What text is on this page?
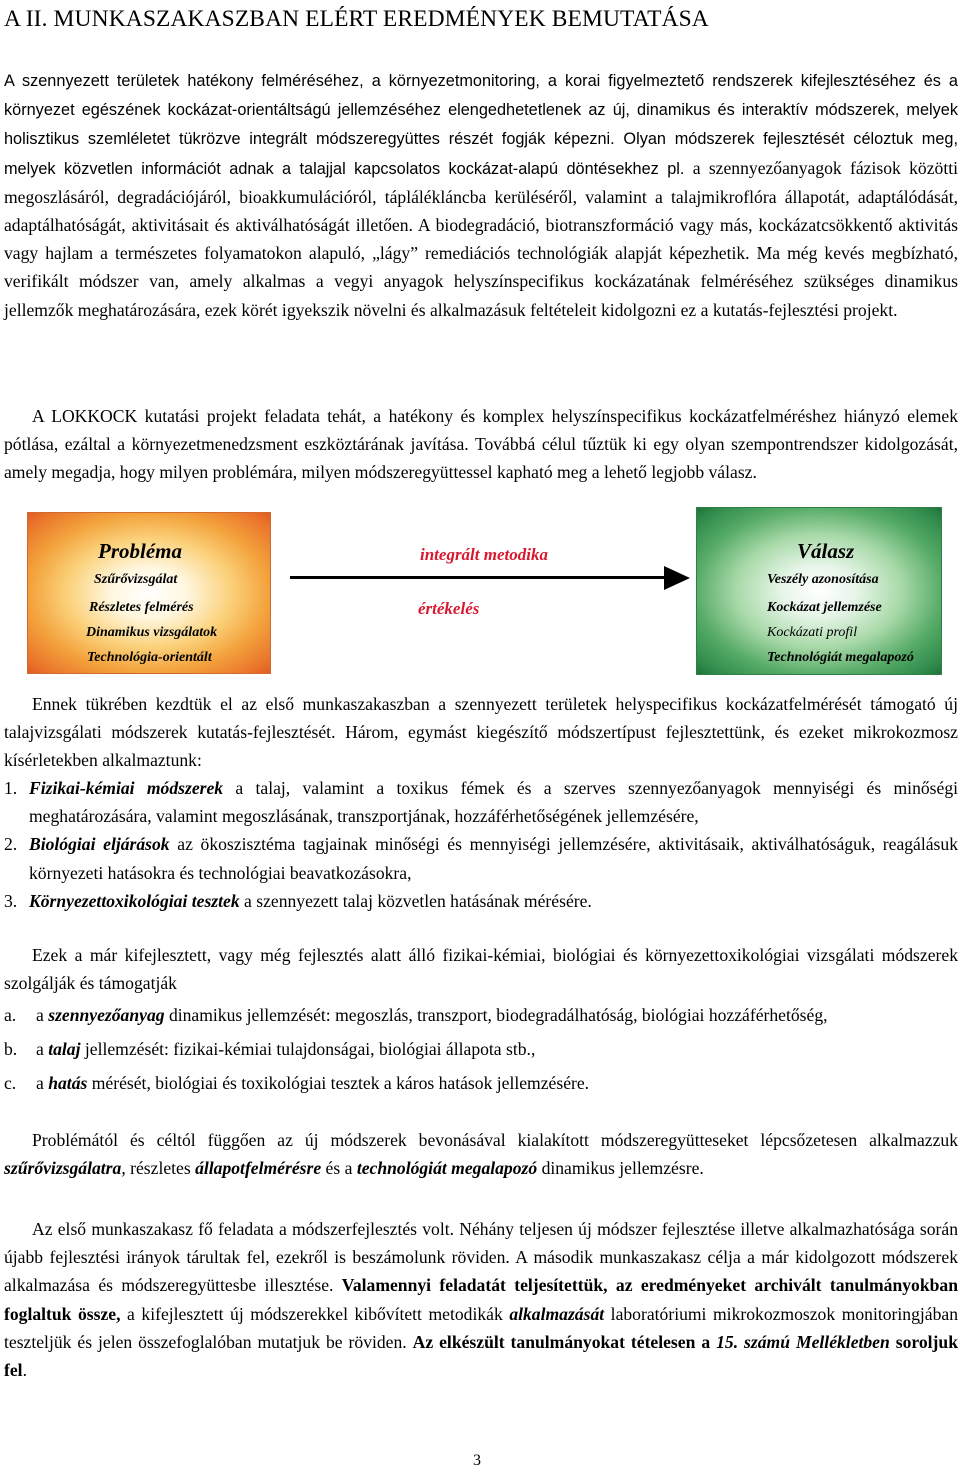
A II. MUNKASZAKASZBAN ELÉRT EREDMÉNYEK BEMUTATÁSA

A szennyezett területek hatékony felméréséhez, a környezetmonitoring, a korai figyelmeztető rendszerek kifejlesztéséhez és a környezet egészének kockázat-orientáltságú jellemzéséhez elengedhetetlenek az új, dinamikus és interaktív módszerek, melyek holisztikus szemléletet tükrözve integrált módszeregyüttes részét fogják képezni. Olyan módszerek fejlesztését céloztuk meg, melyek közvetlen információt adnak a talajjal kapcsolatos kockázat-alapú döntésekhez pl. a szennyezőanyagok fázisok közötti megoszlásáról, degradációjáról, bioakkumulációról, táplálékláncba kerüléséről, valamint a talajmikroflóra állapotát, adaptálódását, adaptálhatóságát, aktivitásait és aktiválhatóságát illetően. A biodegradáció, biotranszformáció vagy más, kockázatcsökkentő aktivitás vagy hajlam a természetes folyamatokon alapuló, „lágy” remediációs technológiák alapját képezhetik. Ma még kevés megbízható, verifikált módszer van, amely alkalmas a vegyi anyagok helyszínspecifikus kockázatának felméréséhez szükséges dinamikus jellemzők meghatározására, ezek körét igyekszik növelni és alkalmazásuk feltételeit kidolgozni ez a kutatás-fejlesztési projekt.

A LOKKOCK kutatási projekt feladata tehát, a hatékony és komplex helyszínspecifikus kockázatfelméréshez hiányzó elemek pótlása, ezáltal a környezetmenedzsment eszköztárának javítása. Továbbá célul tűztük ki egy olyan szempontrendszer kidolgozását, amely megadja, hogy milyen problémára, milyen módszeregyüttessel kapható meg a lehető legjobb válasz.

Probléma
Szűrővizsgálat
Részletes felmérés
Dinamikus vizsgálatok
Technológia-orientált
integrált metodika
értékelés
Válasz
Veszély azonosítása
Kockázat jellemzése
Kockázati profil
Technológiát megalapozó

Ennek tükrében kezdtük el az első munkaszakaszban a szennyezett területek helyspecifikus kockázatfelmérését támogató új talajvizsgálati módszerek kutatás-fejlesztését. Három, egymást kiegészítő módszertípust fejlesztettünk, és ezeket mikrokozmosz kísérletekben alkalmaztunk:

1. Fizikai-kémiai módszerek a talaj, valamint a toxikus fémek és a szerves szennyezőanyagok mennyiségi és minőségi meghatározására, valamint megoszlásának, transzportjának, hozzáférhetőségének jellemzésére,
2. Biológiai eljárások az ökoszisztéma tagjainak minőségi és mennyiségi jellemzésére, aktivitásaik, aktiválhatóságuk, reagálásuk környezeti hatásokra és technológiai beavatkozásokra,
3. Környezettoxikológiai tesztek a szennyezett talaj közvetlen hatásának mérésére.

Ezek a már kifejlesztett, vagy még fejlesztés alatt álló fizikai-kémiai, biológiai és környezettoxikológiai vizsgálati módszerek szolgálják és támogatják

a. a szennyezőanyag dinamikus jellemzését: megoszlás, transzport, biodegradálhatóság, biológiai hozzáférhetőség,
b. a talaj jellemzését: fizikai-kémiai tulajdonságai, biológiai állapota stb.,
c. a hatás mérését, biológiai és toxikológiai tesztek a káros hatások jellemzésére.

Problémától és céltól függően az új módszerek bevonásával kialakított módszeregyütteseket lépcsőzetesen alkalmazzuk szűrővizsgálatra, részletes állapotfelmérésre és a technológiát megalapozó dinamikus jellemzésre.

Az első munkaszakasz fő feladata a módszerfejlesztés volt. Néhány teljesen új módszer fejlesztése illetve alkalmazhatósága során újabb fejlesztési irányok tárultak fel, ezekről is beszámolunk röviden. A második munkaszakasz célja a már kidolgozott módszerek alkalmazása és módszeregyüttesbe illesztése. Valamennyi feladatát teljesítettük, az eredményeket archivált tanulmányokban foglaltuk össze, a kifejlesztett új módszerekkel kibővített metodikák alkalmazását laboratóriumi mikrokozmoszok monitoringjában teszteljük és jelen összefoglalóban mutatjuk be röviden. Az elkészült tanulmányokat tételesen a 15. számú Mellékletben soroljuk fel.

3
